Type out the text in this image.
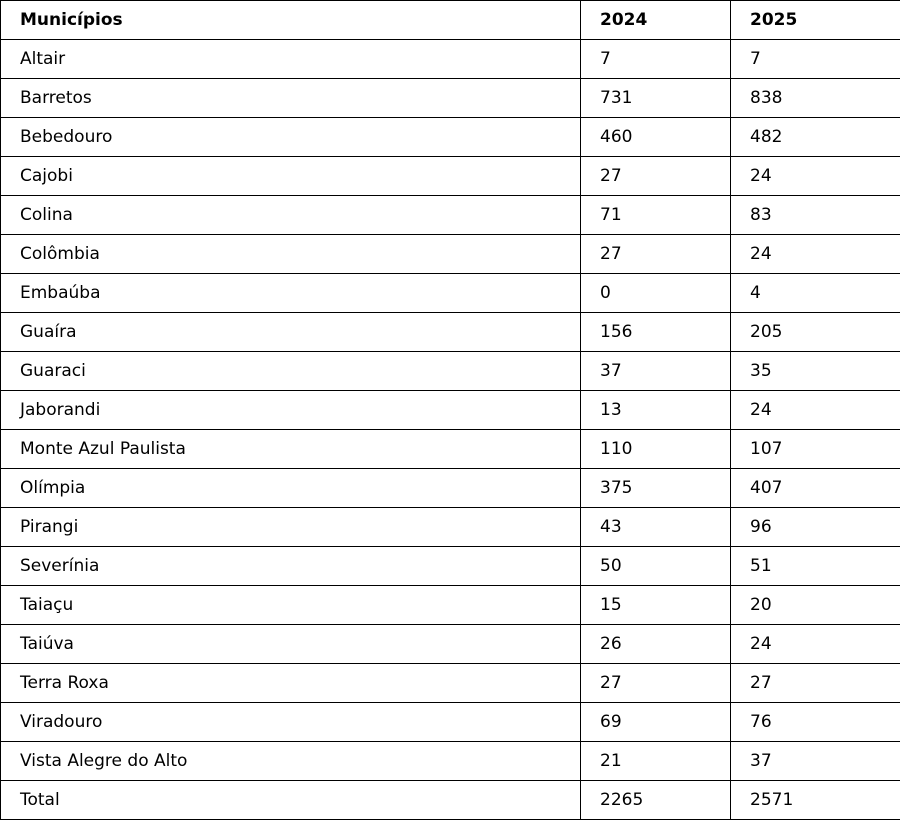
Municípios	2024	2025
Altair	7	7
Barretos	731	838
Bebedouro	460	482
Cajobi	27	24
Colina	71	83
Colômbia	27	24
Embaúba	0	4
Guaíra	156	205
Guaraci	37	35
Jaborandi	13	24
Monte Azul Paulista	110	107
Olímpia	375	407
Pirangi	43	96
Severínia	50	51
Taiaçu	15	20
Taiúva	26	24
Terra Roxa	27	27
Viradouro	69	76
Vista Alegre do Alto	21	37
Total	2265	2571
